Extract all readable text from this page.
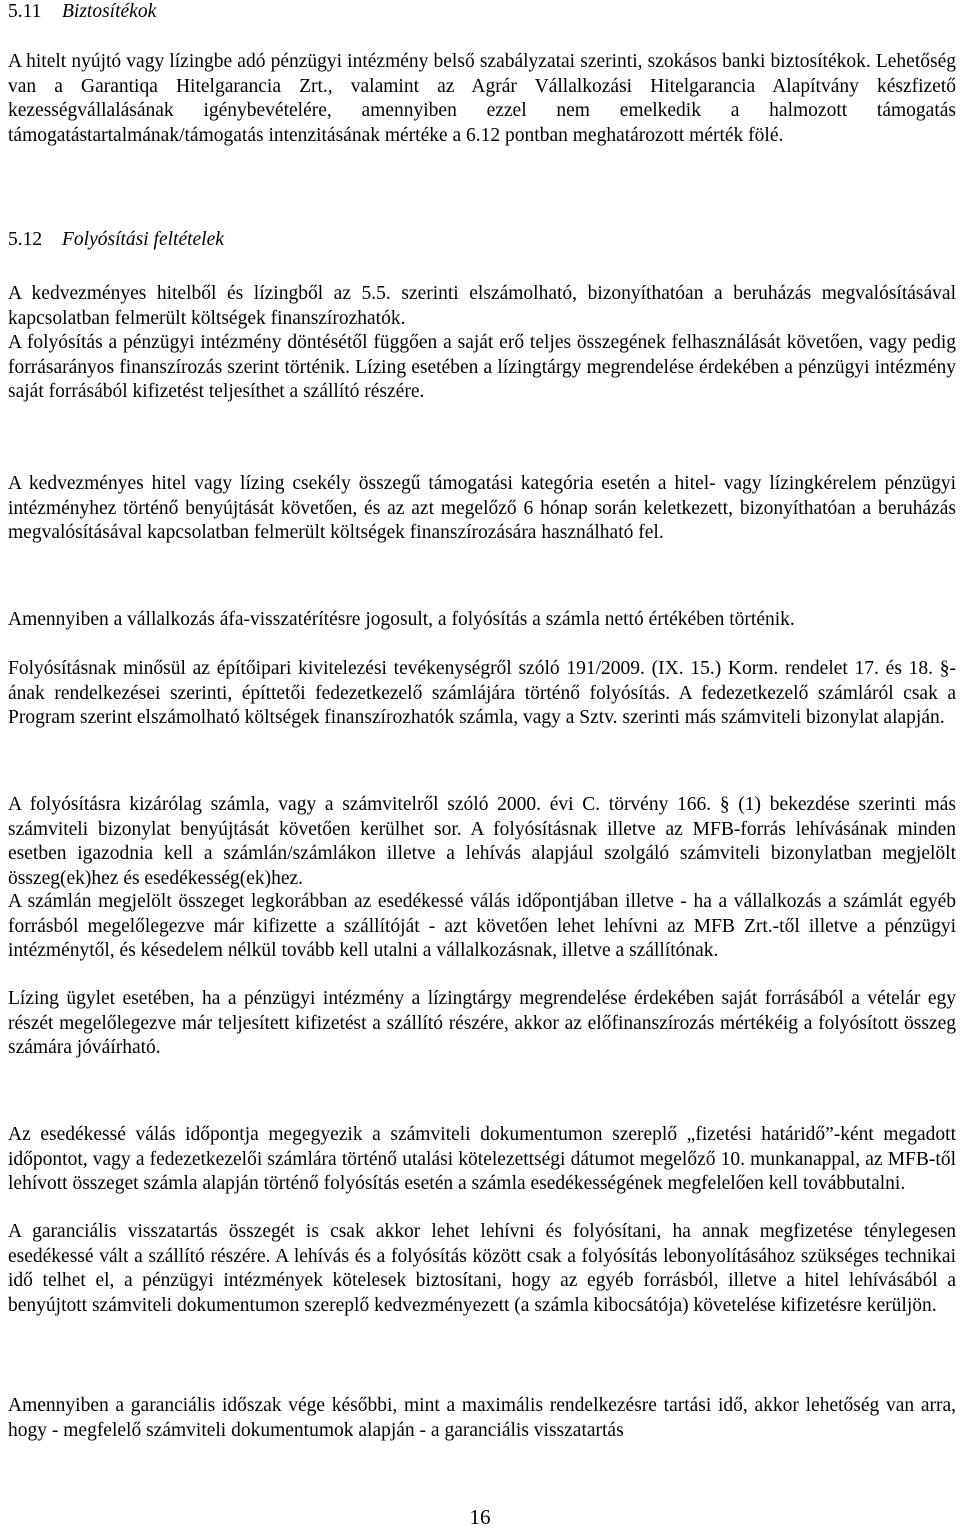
5.11 Biztosítékok
A hitelt nyújtó vagy lízingbe adó pénzügyi intézmény belső szabályzatai szerinti, szokásos banki biztosítékok. Lehetőség van a Garantiqa Hitelgarancia Zrt., valamint az Agrár Vállalkozási Hitelgarancia Alapítvány készfizető kezességvállalásának igénybevételére, amennyiben ezzel nem emelkedik a halmozott támogatás támogatástartalmának/támogatás intenzitásának mértéke a 6.12 pontban meghatározott mérték fölé.
5.12 Folyósítási feltételek
A kedvezményes hitelből és lízingből az 5.5. szerinti elszámolható, bizonyíthatóan a beruházás megvalósításával kapcsolatban felmerült költségek finanszírozhatók.
A folyósítás a pénzügyi intézmény döntésétől függően a saját erő teljes összegének felhasználását követően, vagy pedig forrásarányos finanszírozás szerint történik. Lízing esetében a lízingtárgy megrendelése érdekében a pénzügyi intézmény saját forrásából kifizetést teljesíthet a szállító részére.
A kedvezményes hitel vagy lízing csekély összegű támogatási kategória esetén a hitel- vagy lízingkérelem pénzügyi intézményhez történő benyújtását követően, és az azt megelőző 6 hónap során keletkezett, bizonyíthatóan a beruházás megvalósításával kapcsolatban felmerült költségek finanszírozására használható fel.
Amennyiben a vállalkozás áfa-visszatérítésre jogosult, a folyósítás a számla nettó értékében történik.
Folyósításnak minősül az építőipari kivitelezési tevékenységről szóló 191/2009. (IX. 15.) Korm. rendelet 17. és 18. §-ának rendelkezései szerinti, építtetői fedezetkezelő számlájára történő folyósítás. A fedezetkezelő számláról csak a Program szerint elszámolható költségek finanszírozhatók számla, vagy a Sztv. szerinti más számviteli bizonylat alapján.
A folyósításra kizárólag számla, vagy a számvitelről szóló 2000. évi C. törvény 166. § (1) bekezdése szerinti más számviteli bizonylat benyújtását követően kerülhet sor. A folyósításnak illetve az MFB-forrás lehívásának minden esetben igazodnia kell a számlán/számlákon illetve a lehívás alapjául szolgáló számviteli bizonylatban megjelölt összeg(ek)hez és esedékesség(ek)hez.
A számlán megjelölt összeget legkorábban az esedékessé válás időpontjában illetve - ha a vállalkozás a számlát egyéb forrásból megelőlegezve már kifizette a szállítóját - azt követően lehet lehívni az MFB Zrt.-től illetve a pénzügyi intézménytől, és késedelem nélkül tovább kell utalni a vállalkozásnak, illetve a szállítónak.
Lízing ügylet esetében, ha a pénzügyi intézmény a lízingtárgy megrendelése érdekében saját forrásából a vételár egy részét megelőlegezve már teljesített kifizetést a szállító részére, akkor az előfinanszírozás mértékéig a folyósított összeg számára jóváírható.
Az esedékessé válás időpontja megegyezik a számviteli dokumentumon szereplő „fizetési határidő”-ként megadott időpontot, vagy a fedezetkezelői számlára történő utalási kötelezettségi dátumot megelőző 10. munkanappal, az MFB-től lehívott összeget számla alapján történő folyósítás esetén a számla esedékességének megfelelően kell továbbutalni.
A garanciális visszatartás összegét is csak akkor lehet lehívni és folyósítani, ha annak megfizetése ténylegesen esedékessé vált a szállító részére. A lehívás és a folyósítás között csak a folyósítás lebonyolításához szükséges technikai idő telhet el, a pénzügyi intézmények kötelesek biztosítani, hogy az egyéb forrásból, illetve a hitel lehívásából a benyújtott számviteli dokumentumon szereplő kedvezményezett (a számla kibocsátója) követelése kifizetésre kerüljön.
Amennyiben a garanciális időszak vége későbbi, mint a maximális rendelkezésre tartási idő, akkor lehetőség van arra, hogy - megfelelő számviteli dokumentumok alapján - a garanciális visszatartás
16
